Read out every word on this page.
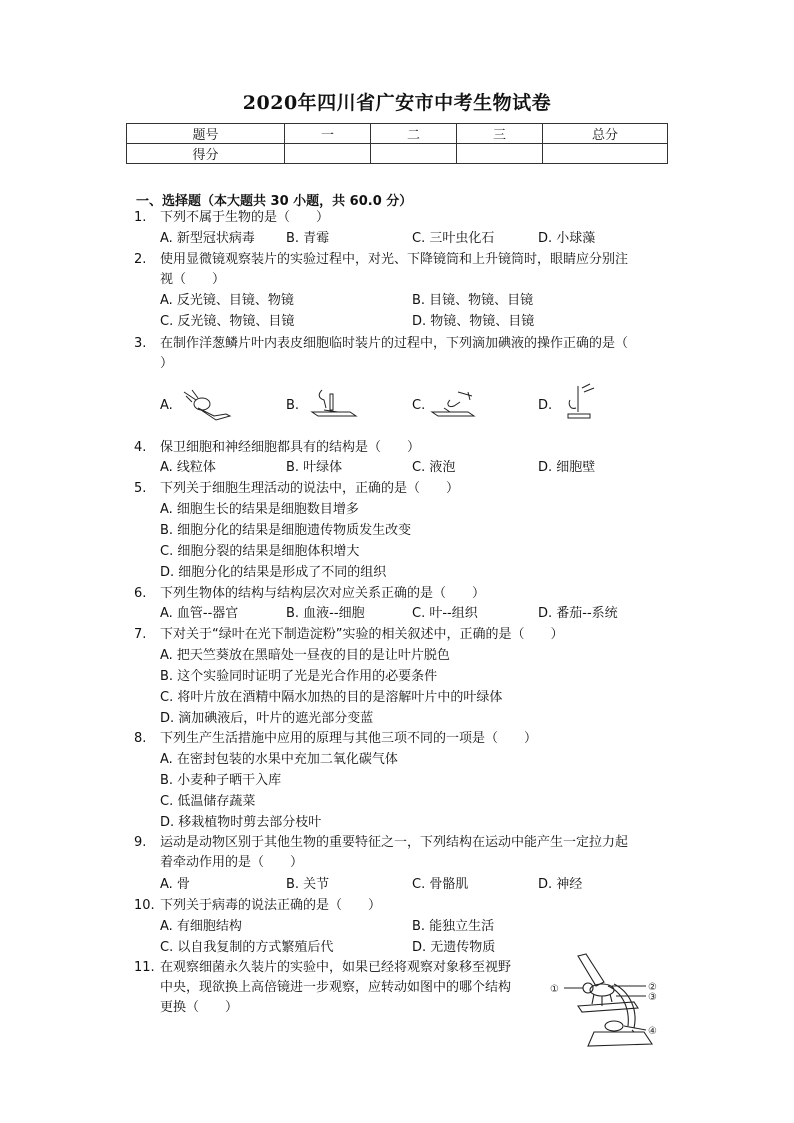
2020年四川省广安市中考生物试卷
题号	一	二	三	总分
得分				
一、选择题（本大题共 30 小题，共 60.0 分）
1.	下列不属于生物的是（　　）
A. 新型冠状病毒 B. 青霉	C. 三叶虫化石	D. 小球藻
2.	使用显微镜观察装片的实验过程中，对光、下降镜筒和上升镜筒时，眼睛应分别注
视（　　）
A. 反光镜、目镜、物镜	B. 目镜、物镜、目镜
C. 反光镜、物镜、目镜	D. 物镜、物镜、目镜
3.	在制作洋葱鳞片叶内表皮细胞临时装片的过程中，下列滴加碘液的操作正确的是（
）
A.	B.	C.	D.
4.	保卫细胞和神经细胞都具有的结构是（　　）
A. 线粒体	B. 叶绿体	C. 液泡	D. 细胞壁
5.	下列关于细胞生理活动的说法中，正确的是（　　）
A. 细胞生长的结果是细胞数目增多
B. 细胞分化的结果是细胞遗传物质发生改变
C. 细胞分裂的结果是细胞体积增大
D. 细胞分化的结果是形成了不同的组织
6.	下列生物体的结构与结构层次对应关系正确的是（　　）
A. 血管--器官	B. 血液--细胞	C. 叶--组织	D. 番茄--系统
7.	下对关于“绿叶在光下制造淀粉”实验的相关叙述中，正确的是（　　）
A. 把天竺葵放在黑暗处一昼夜的目的是让叶片脱色
B. 这个实验同时证明了光是光合作用的必要条件
C. 将叶片放在酒精中隔水加热的目的是溶解叶片中的叶绿体
D. 滴加碘液后，叶片的遮光部分变蓝
8.	下列生产生活措施中应用的原理与其他三项不同的一项是（　　）
A. 在密封包装的水果中充加二氧化碳气体
B. 小麦种子晒干入库
C. 低温储存蔬菜
D. 移栽植物时剪去部分枝叶
9.	运动是动物区别于其他生物的重要特征之一，下列结构在运动中能产生一定拉力起
着牵动作用的是（　　）
A. 骨	B. 关节	C. 骨骼肌	D. 神经
10. 下列关于病毒的说法正确的是（　　）
A. 有细胞结构	B. 能独立生活
C. 以自我复制的方式繁殖后代	D. 无遗传物质
11. 在观察细菌永久装片的实验中，如果已经将观察对象移至视野
中央，现欲换上高倍镜进一步观察，应转动如图中的哪个结构
更换（　　）
①	②
③
④
